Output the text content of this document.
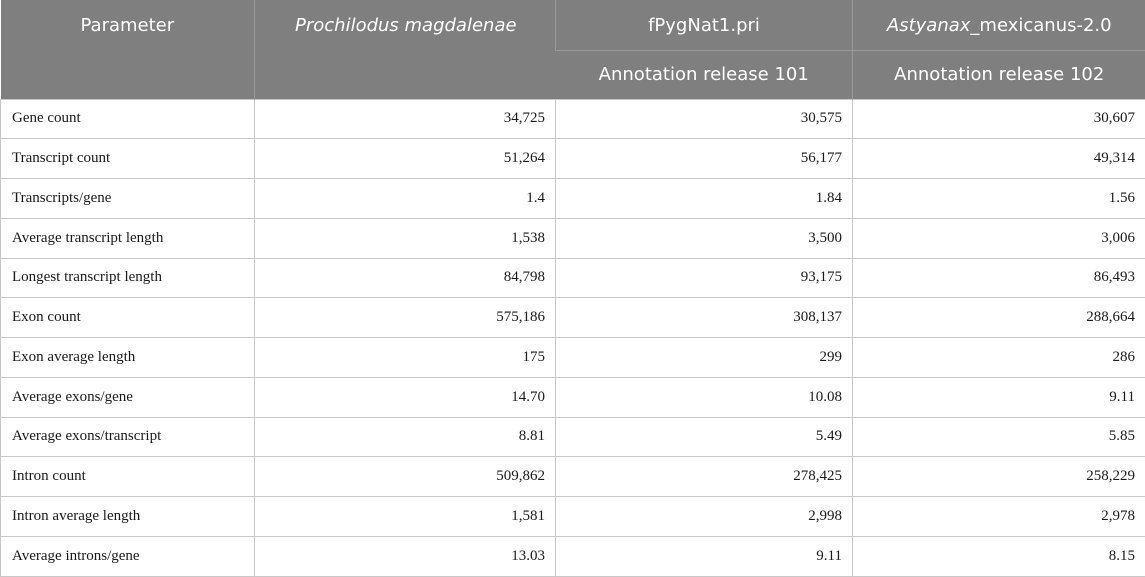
Parameter	Prochilodus magdalenae	fPygNat1.pri	Astyanax_mexicanus-2.0
		Annotation release 101	Annotation release 102
Gene count	34,725	30,575	30,607
Transcript count	51,264	56,177	49,314
Transcripts/gene	1.4	1.84	1.56
Average transcript length	1,538	3,500	3,006
Longest transcript length	84,798	93,175	86,493
Exon count	575,186	308,137	288,664
Exon average length	175	299	286
Average exons/gene	14.70	10.08	9.11
Average exons/transcript	8.81	5.49	5.85
Intron count	509,862	278,425	258,229
Intron average length	1,581	2,998	2,978
Average introns/gene	13.03	9.11	8.15
